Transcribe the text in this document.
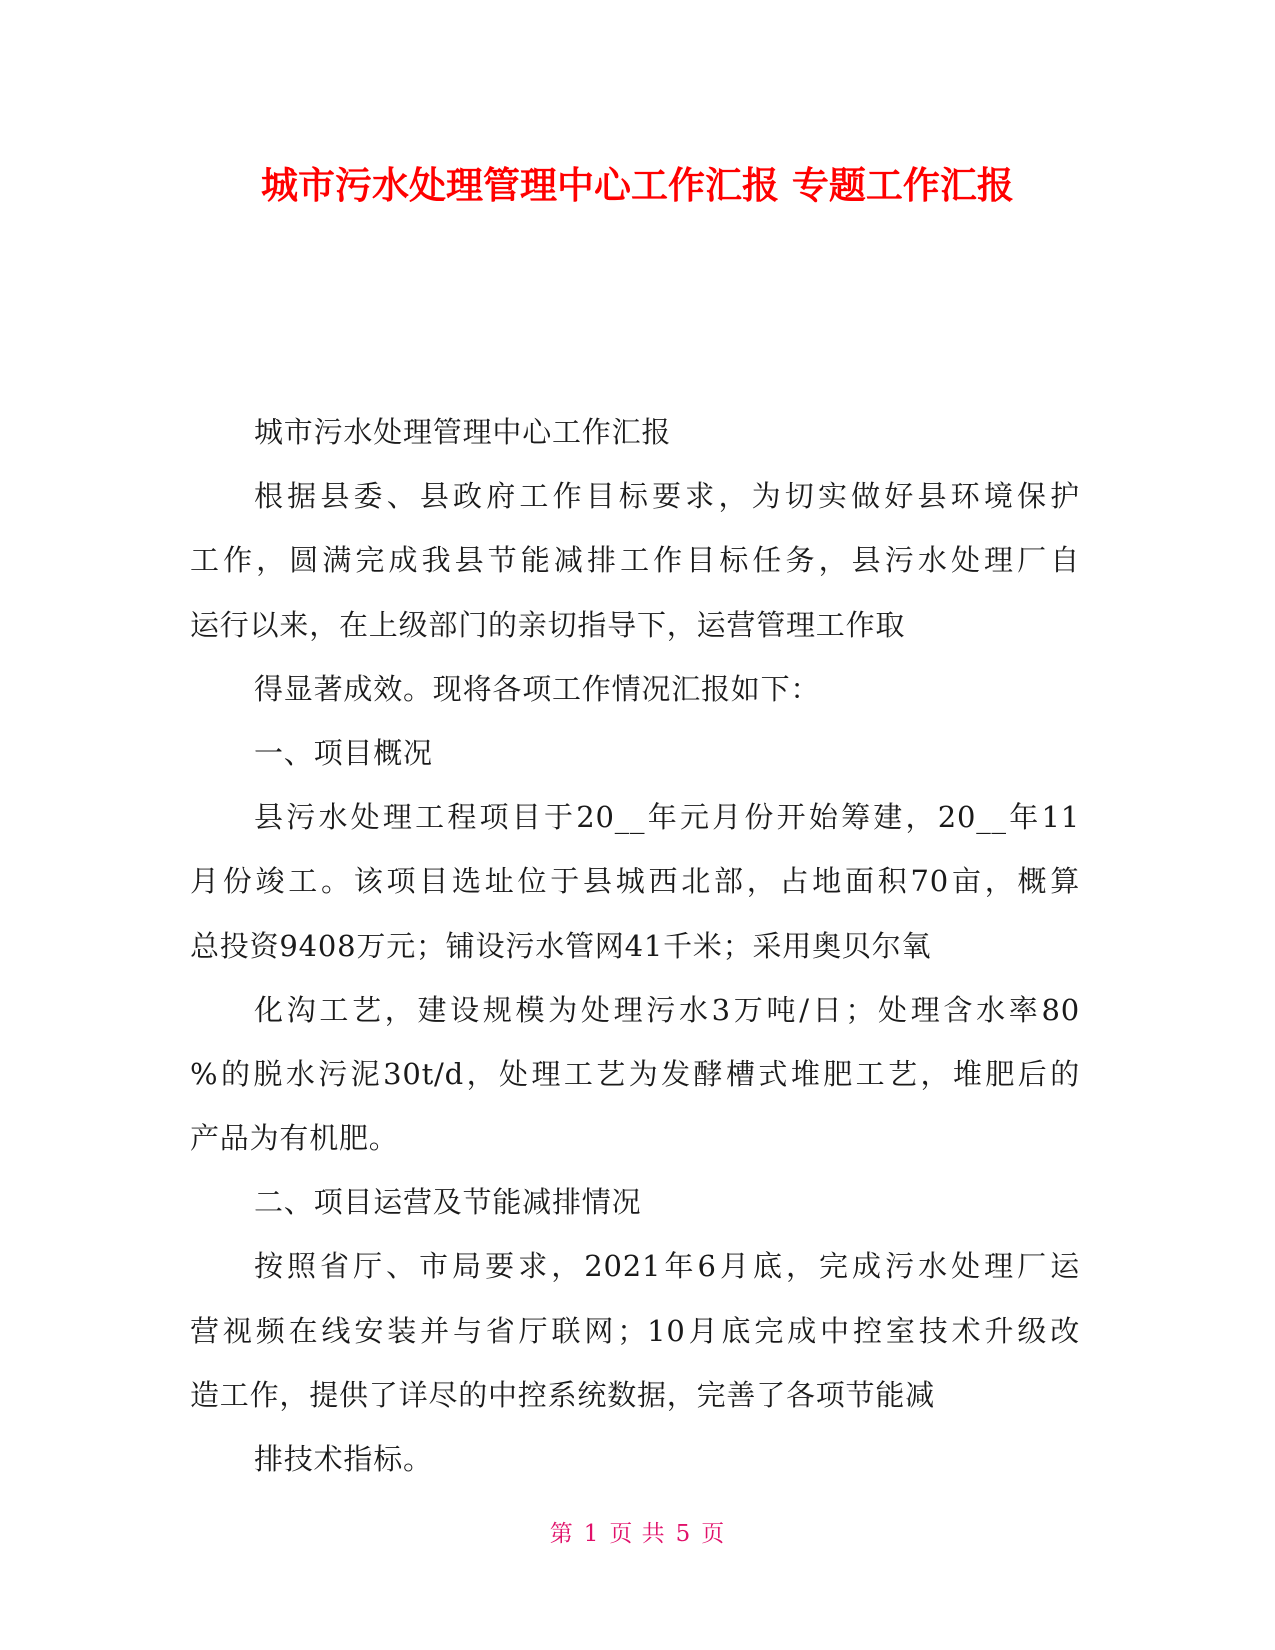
城市污水处理管理中心工作汇报 专题工作汇报
城市污水处理管理中心工作汇报
根据县委、县政府工作目标要求，为切实做好县环境保护
工作，圆满完成我县节能减排工作目标任务，县污水处理厂自
运行以来，在上级部门的亲切指导下，运营管理工作取
得显著成效。现将各项工作情况汇报如下：
一、项目概况
县污水处理工程项目于20__年元月份开始筹建，20__年11
月份竣工。该项目选址位于县城西北部，占地面积70亩，概算
总投资9408万元；铺设污水管网41千米；采用奥贝尔氧
化沟工艺，建设规模为处理污水3万吨/日；处理含水率80
%的脱水污泥30t/d，处理工艺为发酵槽式堆肥工艺，堆肥后的
产品为有机肥。
二、项目运营及节能减排情况
按照省厅、市局要求，2021年6月底，完成污水处理厂运
营视频在线安装并与省厅联网；10月底完成中控室技术升级改
造工作，提供了详尽的中控系统数据，完善了各项节能减
排技术指标。
第 1 页 共 5 页
